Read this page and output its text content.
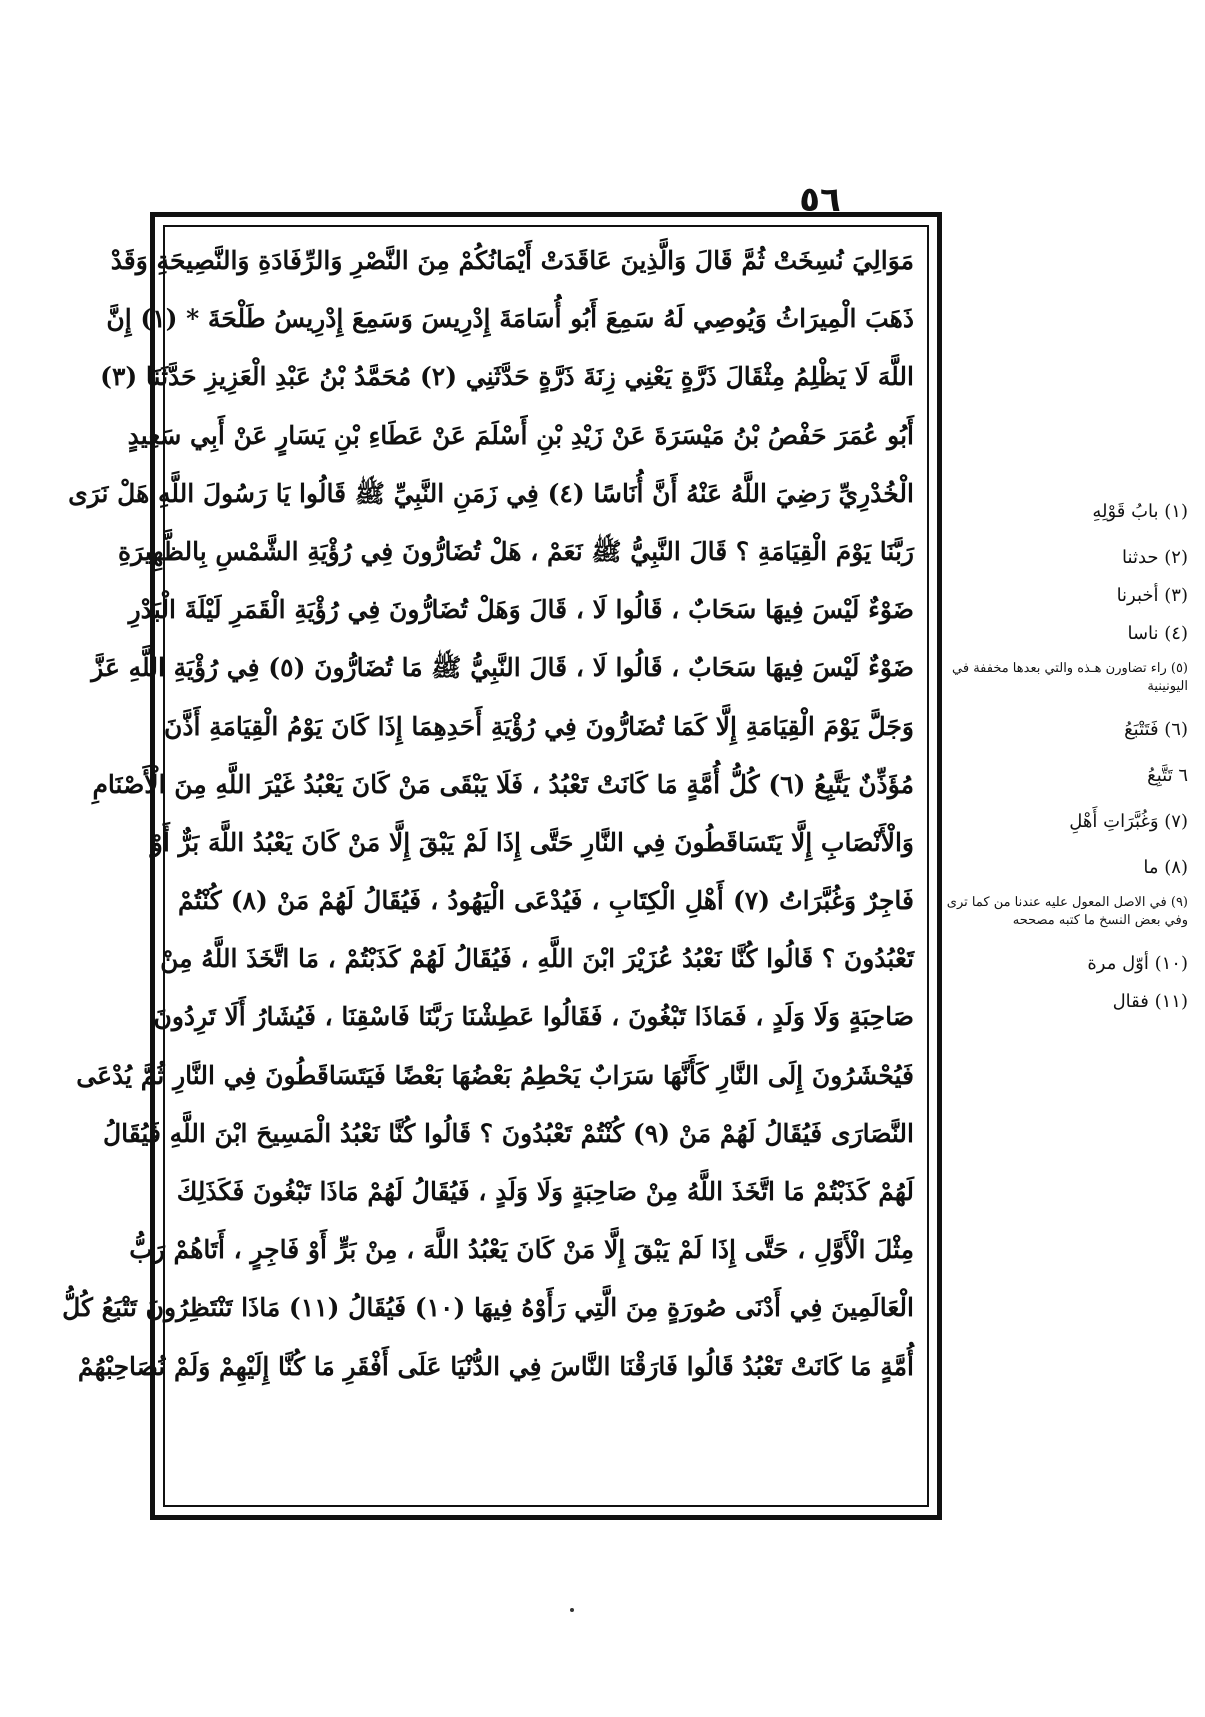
٥٦
مَوَالِيَ نُسِخَتْ ثُمَّ قَالَ وَالَّذِينَ عَاقَدَتْ أَيْمَانُكُمْ مِنَ النَّصْرِ وَالرِّفَادَةِ وَالنَّصِيحَةِ وَقَدْ
ذَهَبَ الْمِيرَاثُ وَيُوصِي لَهُ سَمِعَ أَبُو أُسَامَةَ إِدْرِيسَ وَسَمِعَ إِدْرِيسُ طَلْحَةَ * (١) إِنَّ
اللَّهَ لَا يَظْلِمُ مِثْقَالَ ذَرَّةٍ يَعْنِي زِنَةَ ذَرَّةٍ حَدَّثَنِي (٢) مُحَمَّدُ بْنُ عَبْدِ الْعَزِيزِ حَدَّثَنَا (٣)
أَبُو عُمَرَ حَفْصُ بْنُ مَيْسَرَةَ عَنْ زَيْدِ بْنِ أَسْلَمَ عَنْ عَطَاءِ بْنِ يَسَارٍ عَنْ أَبِي سَعِيدٍ
الْخُدْرِيِّ رَضِيَ اللَّهُ عَنْهُ أَنَّ أُنَاسًا (٤) فِي زَمَنِ النَّبِيِّ ﷺ قَالُوا يَا رَسُولَ اللَّهِ هَلْ نَرَى
رَبَّنَا يَوْمَ الْقِيَامَةِ ؟ قَالَ النَّبِيُّ ﷺ نَعَمْ ، هَلْ تُضَارُّونَ فِي رُؤْيَةِ الشَّمْسِ بِالظَّهِيرَةِ
ضَوْءٌ لَيْسَ فِيهَا سَحَابٌ ، قَالُوا لَا ، قَالَ وَهَلْ تُضَارُّونَ فِي رُؤْيَةِ الْقَمَرِ لَيْلَةَ الْبَدْرِ
ضَوْءٌ لَيْسَ فِيهَا سَحَابٌ ، قَالُوا لَا ، قَالَ النَّبِيُّ ﷺ مَا تُضَارُّونَ (٥) فِي رُؤْيَةِ اللَّهِ عَزَّ
وَجَلَّ يَوْمَ الْقِيَامَةِ إِلَّا كَمَا تُضَارُّونَ فِي رُؤْيَةِ أَحَدِهِمَا إِذَا كَانَ يَوْمُ الْقِيَامَةِ أَذَّنَ
مُؤَذِّنٌ يَتَّبِعُ (٦) كُلُّ أُمَّةٍ مَا كَانَتْ تَعْبُدُ ، فَلَا يَبْقَى مَنْ كَانَ يَعْبُدُ غَيْرَ اللَّهِ مِنَ الْأَصْنَامِ
وَالْأَنْصَابِ إِلَّا يَتَسَاقَطُونَ فِي النَّارِ حَتَّى إِذَا لَمْ يَبْقَ إِلَّا مَنْ كَانَ يَعْبُدُ اللَّهَ بَرٌّ أَوْ
فَاجِرٌ وَغُبَّرَاتُ (٧) أَهْلِ الْكِتَابِ ، فَيُدْعَى الْيَهُودُ ، فَيُقَالُ لَهُمْ مَنْ (٨) كُنْتُمْ
تَعْبُدُونَ ؟ قَالُوا كُنَّا نَعْبُدُ عُزَيْرَ ابْنَ اللَّهِ ، فَيُقَالُ لَهُمْ كَذَبْتُمْ ، مَا اتَّخَذَ اللَّهُ مِنْ
صَاحِبَةٍ وَلَا وَلَدٍ ، فَمَاذَا تَبْغُونَ ، فَقَالُوا عَطِشْنَا رَبَّنَا فَاسْقِنَا ، فَيُشَارُ أَلَا تَرِدُونَ
فَيُحْشَرُونَ إِلَى النَّارِ كَأَنَّهَا سَرَابٌ يَحْطِمُ بَعْضُهَا بَعْضًا فَيَتَسَاقَطُونَ فِي النَّارِ ثُمَّ يُدْعَى
النَّصَارَى فَيُقَالُ لَهُمْ مَنْ (٩) كُنْتُمْ تَعْبُدُونَ ؟ قَالُوا كُنَّا نَعْبُدُ الْمَسِيحَ ابْنَ اللَّهِ فَيُقَالُ
لَهُمْ كَذَبْتُمْ مَا اتَّخَذَ اللَّهُ مِنْ صَاحِبَةٍ وَلَا وَلَدٍ ، فَيُقَالُ لَهُمْ مَاذَا تَبْغُونَ فَكَذَلِكَ
مِثْلَ الْأَوَّلِ ، حَتَّى إِذَا لَمْ يَبْقَ إِلَّا مَنْ كَانَ يَعْبُدُ اللَّهَ ، مِنْ بَرٍّ أَوْ فَاجِرٍ ، أَتَاهُمْ رَبُّ
الْعَالَمِينَ فِي أَدْنَى صُورَةٍ مِنَ الَّتِي رَأَوْهُ فِيهَا (١٠) فَيُقَالُ (١١) مَاذَا تَنْتَظِرُونَ تَتْبَعُ كُلُّ
أُمَّةٍ مَا كَانَتْ تَعْبُدُ قَالُوا فَارَقْنَا النَّاسَ فِي الدُّنْيَا عَلَى أَفْقَرِ مَا كُنَّا إِلَيْهِمْ وَلَمْ نُصَاحِبْهُمْ
(١) بابُ قَوْلِهِ
(٢) حدثنا
(٣) أخبرنا
(٤) ناسا
(٥) راء تضاورن هـذه والتي بعدها مخففة في اليونينية
(٦) فَتَتْبَعُ
٦ تَتَّبِعُ
(٧) وَغُبَّرَاتِ أَهْلِ
(٨) ما
(٩) في الاصل المعول عليه عندنا من كما ترى وفي بعض النسخ ما كتبه مصححه
(١٠) أوّل مرة
(١١) فقال
